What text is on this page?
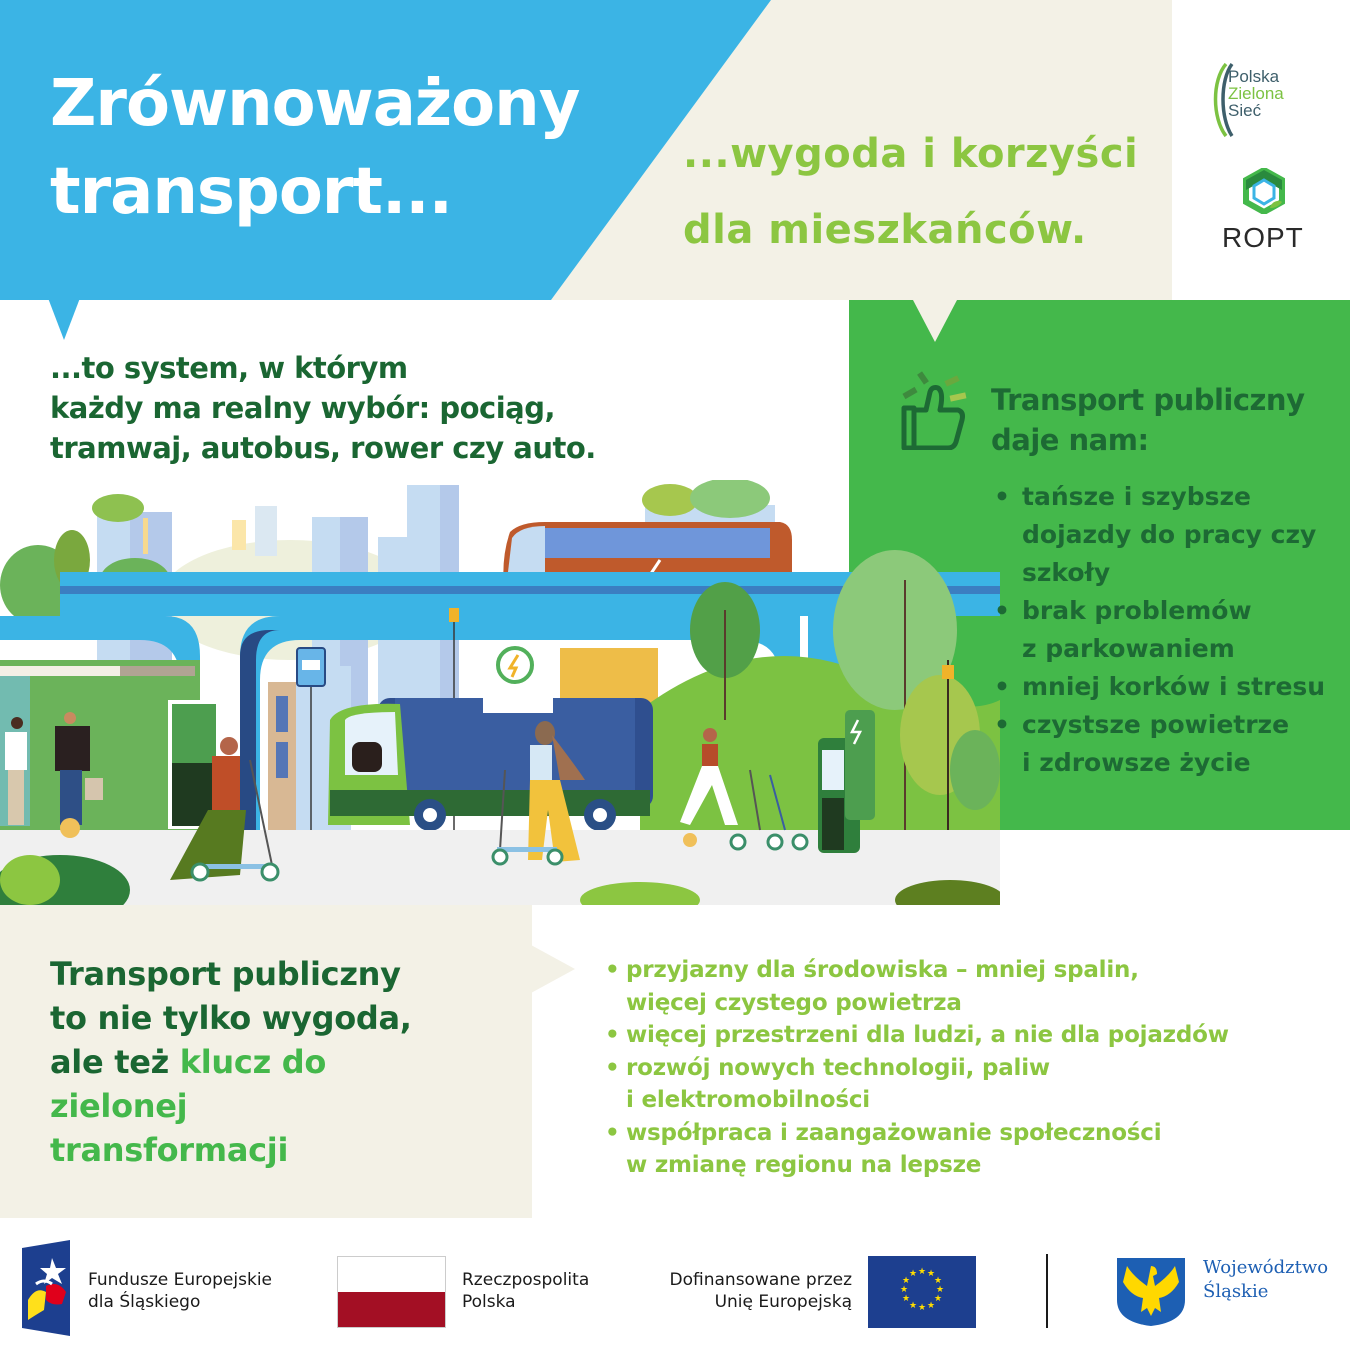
Zrównoważony
transport...
...wygoda i korzyści
dla mieszkańców.
Polska
Zielona
Sieć
ROPT
...to system, w którym
każdy ma realny wybór: pociąg,
tramwaj, autobus, rower czy auto.
Transport publiczny
daje nam:
• tańsze i szybsze
dojazdy do pracy czy
szkoły
• brak problemów
z parkowaniem
• mniej korków i stresu
• czystsze powietrze
i zdrowsze życie
Transport publiczny
to nie tylko wygoda,
ale też klucz do
zielonej
transformacji
• przyjazny dla środowiska – mniej spalin,
więcej czystego powietrza
• więcej przestrzeni dla ludzi, a nie dla pojazdów
• rozwój nowych technologii, paliw
i elektromobilności
• współpraca i zaangażowanie społeczności
w zmianę regionu na lepsze
Fundusze Europejskie
dla Śląskiego
Rzeczpospolita
Polska
Dofinansowane przez
Unię Europejską
★ ★
★
★
★
★
★
★
★
★
★
★	Województwo
Śląskie
